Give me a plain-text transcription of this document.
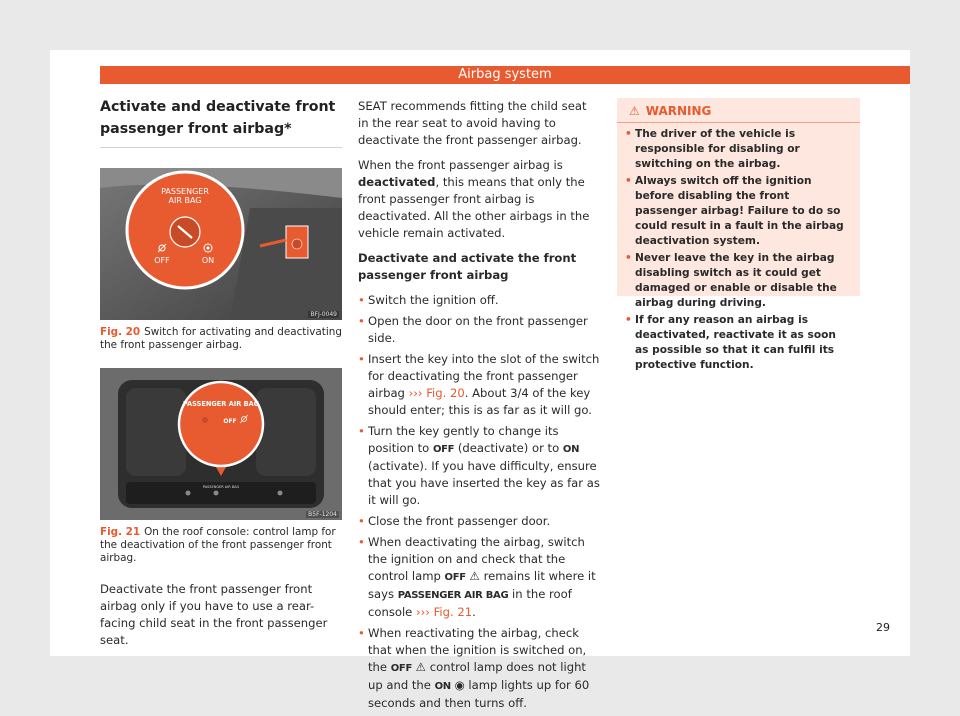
Airbag system
Activate and deactivate front passenger front airbag*
PASSENGER
AIR BAG
OFF	ON
BFJ-0049
Fig. 20 Switch for activating and deactivating the front passenger airbag.
PASSENGER AIR BAG
PASSENGER AIR BAG
OFF
B5F-1204
Fig. 21 On the roof console: control lamp for the deactivation of the front passenger front airbag.

Deactivate the front passenger front airbag only if you have to use a rear-facing child seat in the front passenger seat.

SEAT recommends fitting the child seat in the rear seat to avoid having to deactivate the front passenger airbag.

When the front passenger airbag is deactivated, this means that only the front passenger front airbag is deactivated. All the other airbags in the vehicle remain activated.

Deactivate and activate the front passenger front airbag

• Switch the ignition off.
• Open the door on the front passenger side.
• Insert the key into the slot of the switch for deactivating the front passenger airbag ››› Fig. 20. About 3/4 of the key should enter; this is as far as it will go.
• Turn the key gently to change its position to OFF (deactivate) or to ON (activate). If you have difficulty, ensure that you have inserted the key as far as it will go.
• Close the front passenger door.
• When deactivating the airbag, switch the ignition on and check that the control lamp OFF ⚠ remains lit where it says PASSENGER AIR BAG in the roof console ››› Fig. 21.
• When reactivating the airbag, check that when the ignition is switched on, the OFF ⚠ control lamp does not light up and the ON ◉ lamp lights up for 60 seconds and then turns off.
⚠ WARNING
• The driver of the vehicle is responsible for disabling or switching on the airbag.
• Always switch off the ignition before disabling the front passenger airbag! Failure to do so could result in a fault in the airbag deactivation system.
• Never leave the key in the airbag disabling switch as it could get damaged or enable or disable the airbag during driving.
• If for any reason an airbag is deactivated, reactivate it as soon as possible so that it can fulfil its protective function.
29
